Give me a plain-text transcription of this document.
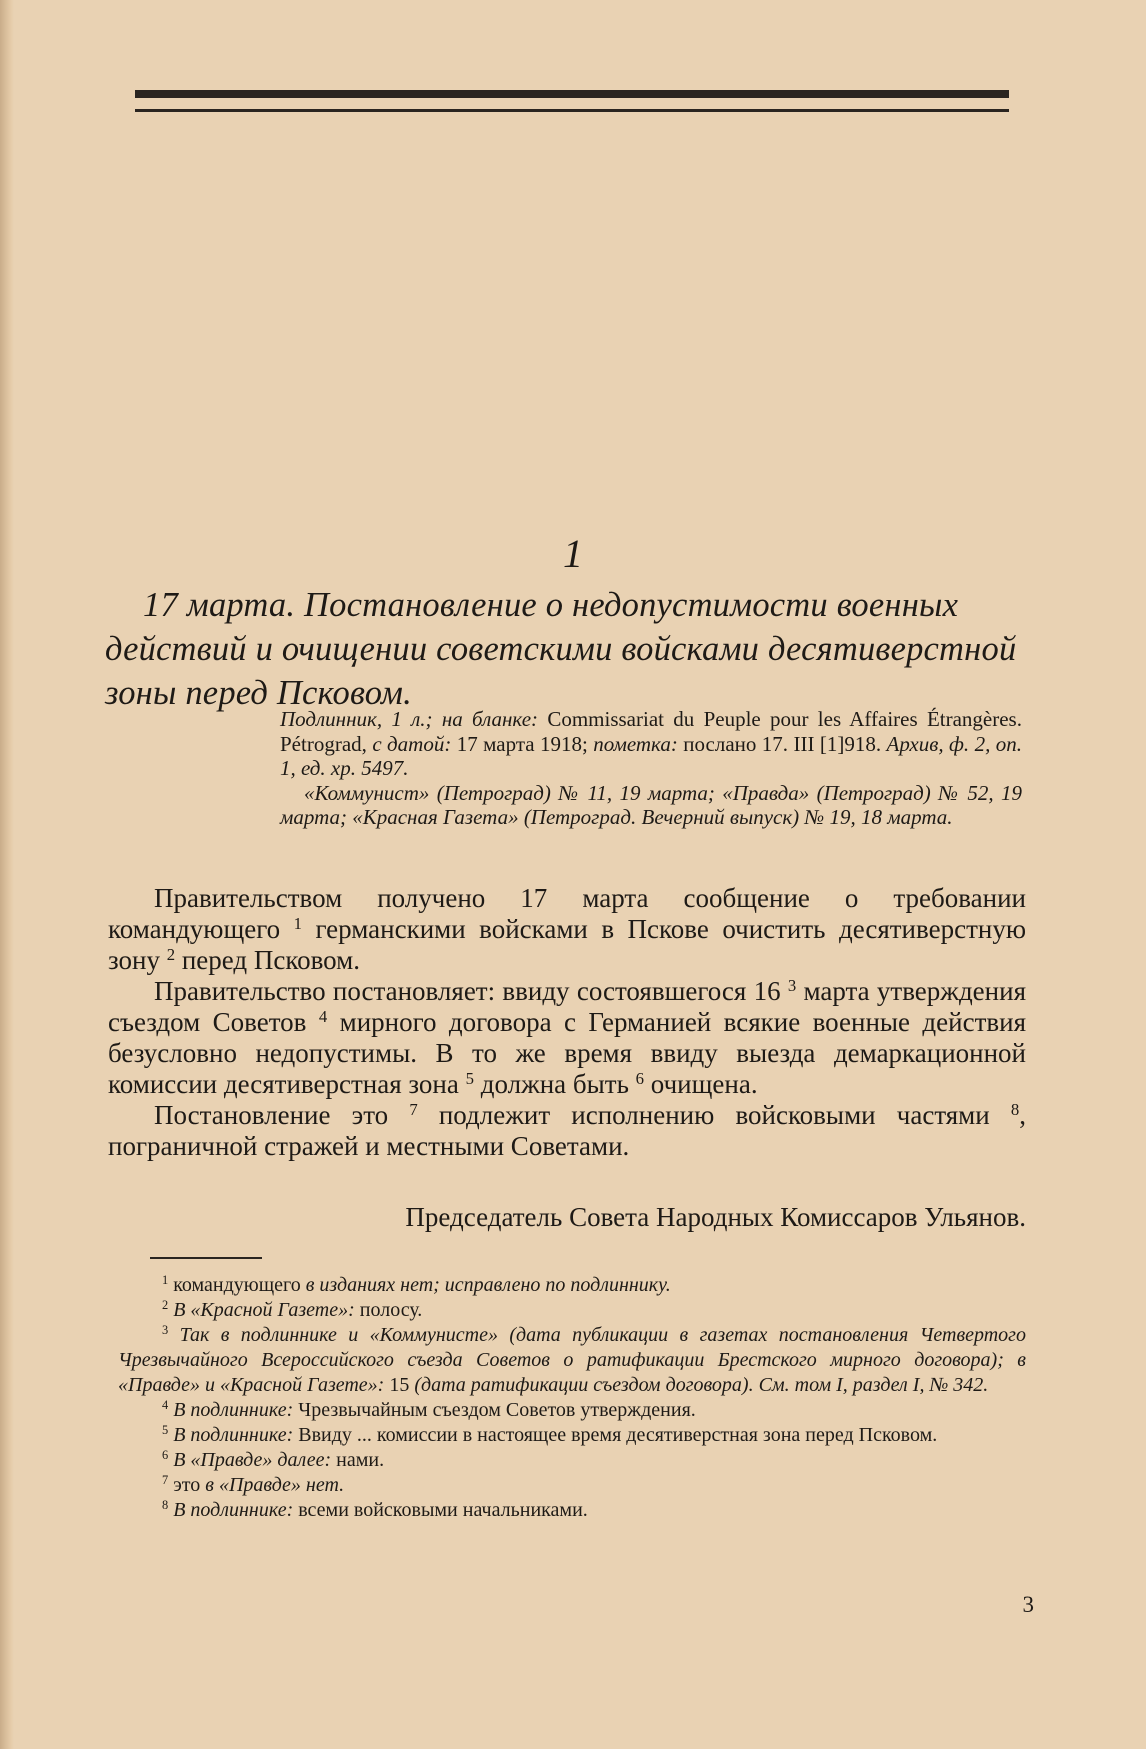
1
17 марта. Постановление о недопустимости военных действий и очищении советскими войсками десятиверстной зоны перед Псковом.

Подлинник, 1 л.; на бланке: Commissariat du Peuple pour les Affaires Étrangères. Pétrograd, с датой: 17 марта 1918; пометка: послано 17. III [1]918. Архив, ф. 2, оп. 1, ед. хр. 5497.

«Коммунист» (Петроград) № 11, 19 марта; «Правда» (Петроград) № 52, 19 марта; «Красная Газета» (Петроград. Вечерний выпуск) № 19, 18 марта.

Правительством получено 17 марта сообщение о требовании командующего $^1$ германскими войсками в Пскове очистить десятиверстную зону $^2$ перед Псковом.

Правительство постановляет: ввиду состоявшегося 16 $^3$ марта утверждения съездом Советов $^4$ мирного договора с Германией всякие военные действия безусловно недопустимы. В то же время ввиду выезда демаркационной комиссии десятиверстная зона $^5$ должна быть $^6$ очищена.

Постановление это $^7$ подлежит исполнению войсковыми частями $^8$, пограничной стражей и местными Советами.

Председатель Совета Народных Комиссаров Ульянов.

$^1$ командующего в изданиях нет; исправлено по подлиннику.

$^2$ В «Красной Газете»: полосу.

$^3$ Так в подлиннике и «Коммунисте» (дата публикации в газетах постановления Четвертого Чрезвычайного Всероссийского съезда Советов о ратификации Брестского мирного договора); в «Правде» и «Красной Газете»: 15 (дата ратификации съездом договора). См. том I, раздел I, № 342.

$^4$ В подлиннике: Чрезвычайным съездом Советов утверждения.

$^5$ В подлиннике: Ввиду ... комиссии в настоящее время десятиверстная зона перед Псковом.

$^6$ В «Правде» далее: нами.

$^7$ это в «Правде» нет.

$^8$ В подлиннике: всеми войсковыми начальниками.

3
